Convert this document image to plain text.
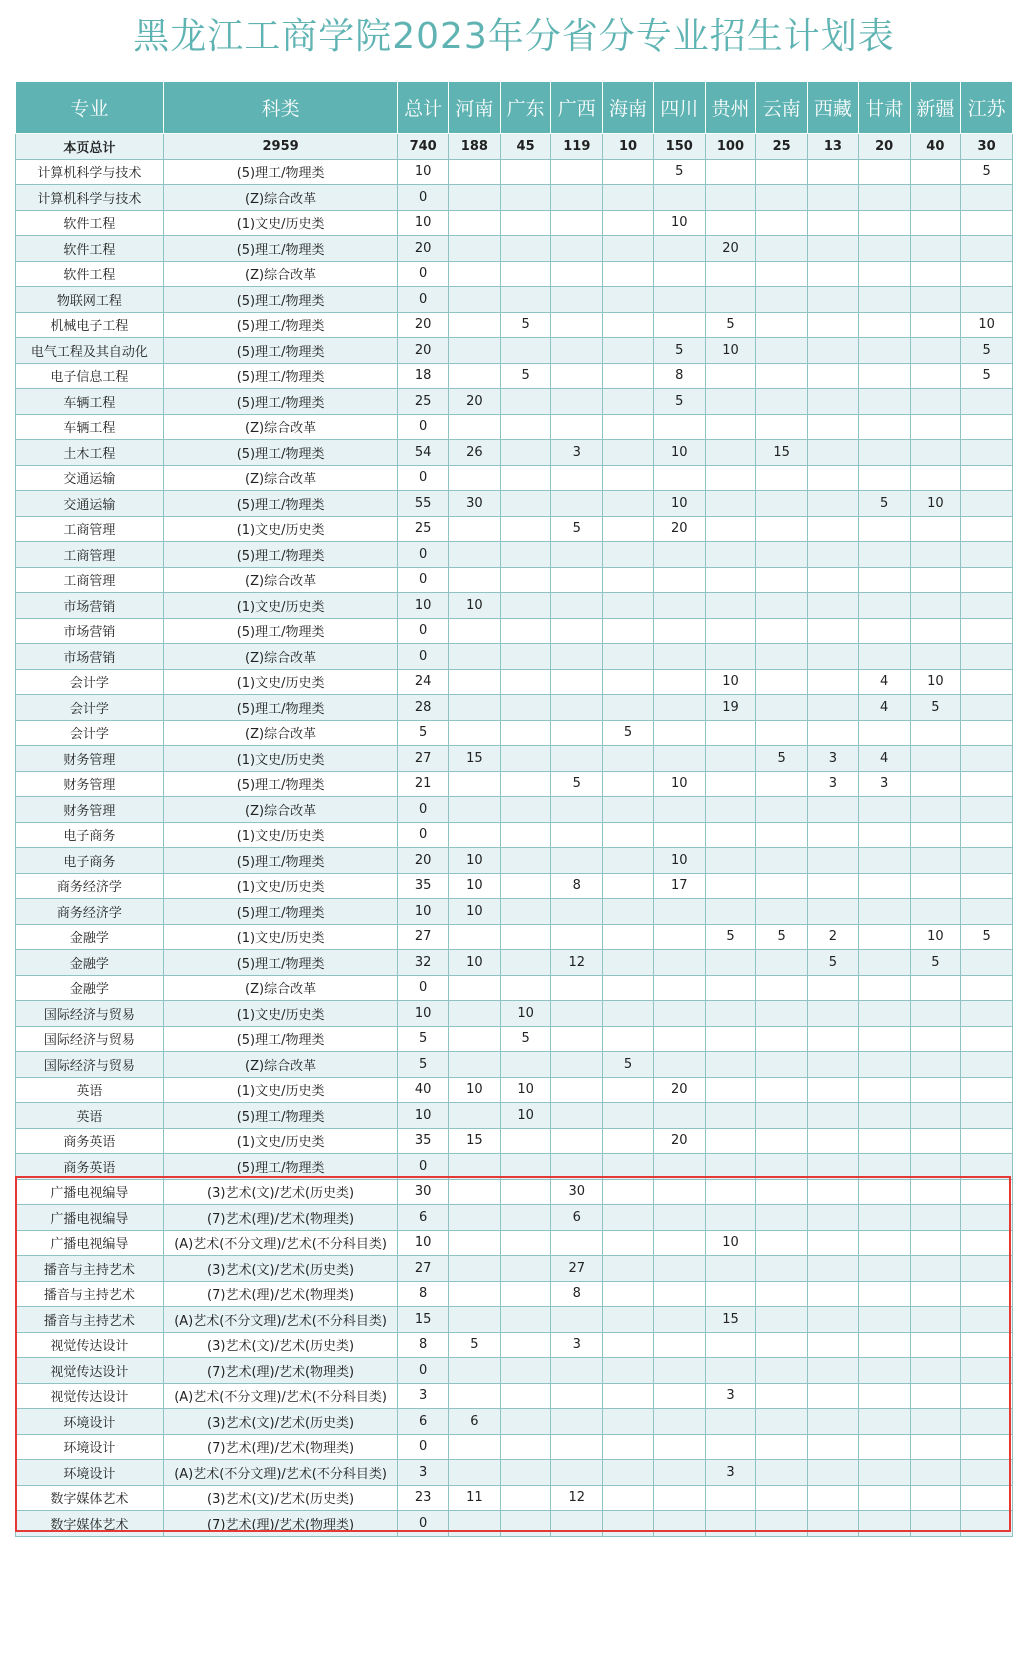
黑龙江工商学院2023年分省分专业招生计划表
专业	科类	总计	河南	广东	广西	海南	四川	贵州	云南	西藏	甘肃	新疆	江苏
本页总计	2959	740	188	45	119	10	150	100	25	13	20	40	30
计算机科学与技术	(5)理工/物理类	10					5						5
计算机科学与技术	(Z)综合改革	0											
软件工程	(1)文史/历史类	10					10						
软件工程	(5)理工/物理类	20						20					
软件工程	(Z)综合改革	0											
物联网工程	(5)理工/物理类	0											
机械电子工程	(5)理工/物理类	20		5				5					10
电气工程及其自动化	(5)理工/物理类	20					5	10					5
电子信息工程	(5)理工/物理类	18		5			8						5
车辆工程	(5)理工/物理类	25	20				5						
车辆工程	(Z)综合改革	0											
土木工程	(5)理工/物理类	54	26		3		10		15				
交通运输	(Z)综合改革	0											
交通运输	(5)理工/物理类	55	30				10				5	10	
工商管理	(1)文史/历史类	25			5		20						
工商管理	(5)理工/物理类	0											
工商管理	(Z)综合改革	0											
市场营销	(1)文史/历史类	10	10										
市场营销	(5)理工/物理类	0											
市场营销	(Z)综合改革	0											
会计学	(1)文史/历史类	24						10			4	10	
会计学	(5)理工/物理类	28						19			4	5	
会计学	(Z)综合改革	5				5							
财务管理	(1)文史/历史类	27	15						5	3	4		
财务管理	(5)理工/物理类	21			5		10			3	3		
财务管理	(Z)综合改革	0											
电子商务	(1)文史/历史类	0											
电子商务	(5)理工/物理类	20	10				10						
商务经济学	(1)文史/历史类	35	10		8		17						
商务经济学	(5)理工/物理类	10	10										
金融学	(1)文史/历史类	27						5	5	2		10	5
金融学	(5)理工/物理类	32	10		12					5		5	
金融学	(Z)综合改革	0											
国际经济与贸易	(1)文史/历史类	10		10									
国际经济与贸易	(5)理工/物理类	5		5									
国际经济与贸易	(Z)综合改革	5				5							
英语	(1)文史/历史类	40	10	10			20						
英语	(5)理工/物理类	10		10									
商务英语	(1)文史/历史类	35	15				20						
商务英语	(5)理工/物理类	0											
广播电视编导	(3)艺术(文)/艺术(历史类)	30			30								
广播电视编导	(7)艺术(理)/艺术(物理类)	6			6								
广播电视编导	(A)艺术(不分文理)/艺术(不分科目类)	10						10					
播音与主持艺术	(3)艺术(文)/艺术(历史类)	27			27								
播音与主持艺术	(7)艺术(理)/艺术(物理类)	8			8								
播音与主持艺术	(A)艺术(不分文理)/艺术(不分科目类)	15						15					
视觉传达设计	(3)艺术(文)/艺术(历史类)	8	5		3								
视觉传达设计	(7)艺术(理)/艺术(物理类)	0											
视觉传达设计	(A)艺术(不分文理)/艺术(不分科目类)	3						3					
环境设计	(3)艺术(文)/艺术(历史类)	6	6										
环境设计	(7)艺术(理)/艺术(物理类)	0											
环境设计	(A)艺术(不分文理)/艺术(不分科目类)	3						3					
数字媒体艺术	(3)艺术(文)/艺术(历史类)	23	11		12								
数字媒体艺术	(7)艺术(理)/艺术(物理类)	0											
